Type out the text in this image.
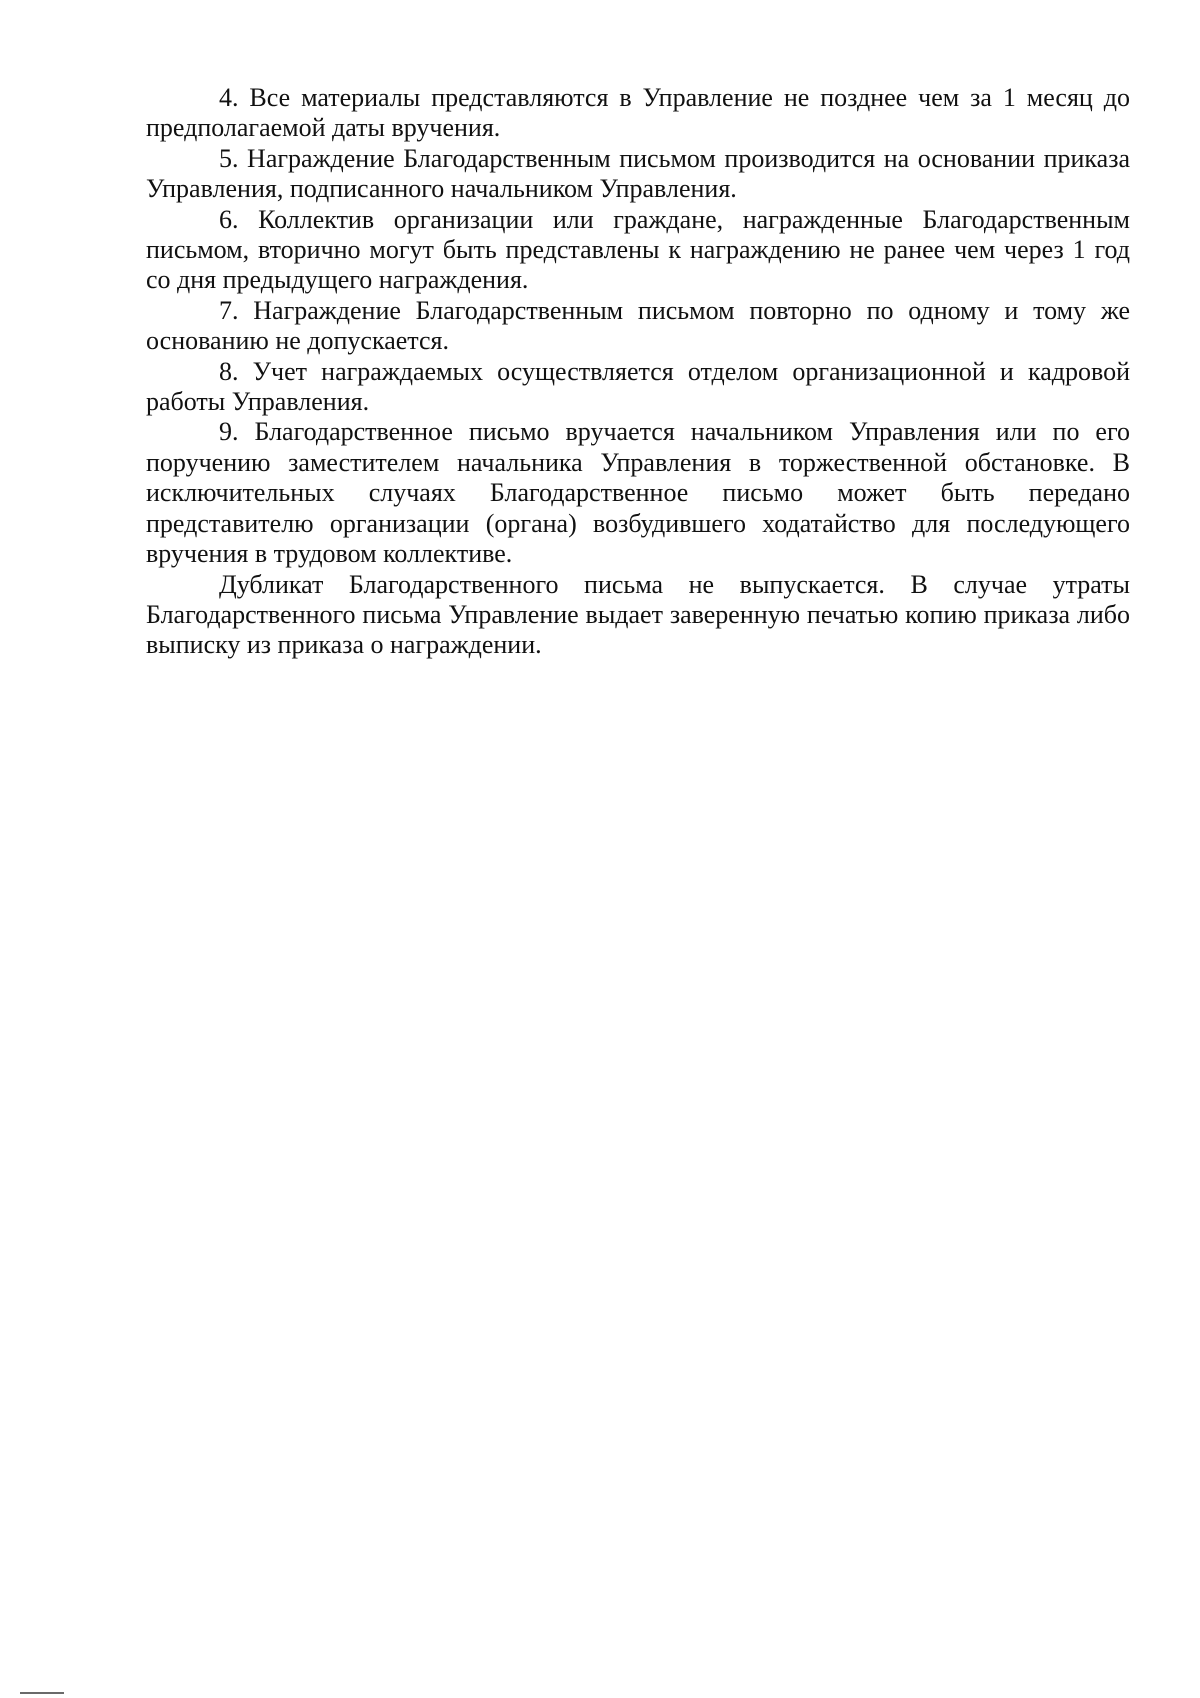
4. Все материалы представляются в Управление не позднее чем за 1 месяц до предполагаемой даты вручения.

5. Награждение Благодарственным письмом производится на основании приказа Управления, подписанного начальником Управления.

6. Коллектив организации или граждане, награжденные Благодарственным письмом, вторично могут быть представлены к награждению не ранее чем через 1 год со дня предыдущего награждения.

7. Награждение Благодарственным письмом повторно по одному и тому же основанию не допускается.

8. Учет награждаемых осуществляется отделом организационной и кадровой работы Управления.

9. Благодарственное письмо вручается начальником Управления или по его поручению заместителем начальника Управления в торжественной обстановке. В исключительных случаях Благодарственное письмо может быть передано представителю организации (органа) возбудившего ходатайство для последующего вручения в трудовом коллективе.

Дубликат Благодарственного письма не выпускается. В случае утраты Благодарственного письма Управление выдает заверенную печатью копию приказа либо выписку из приказа о награждении.
